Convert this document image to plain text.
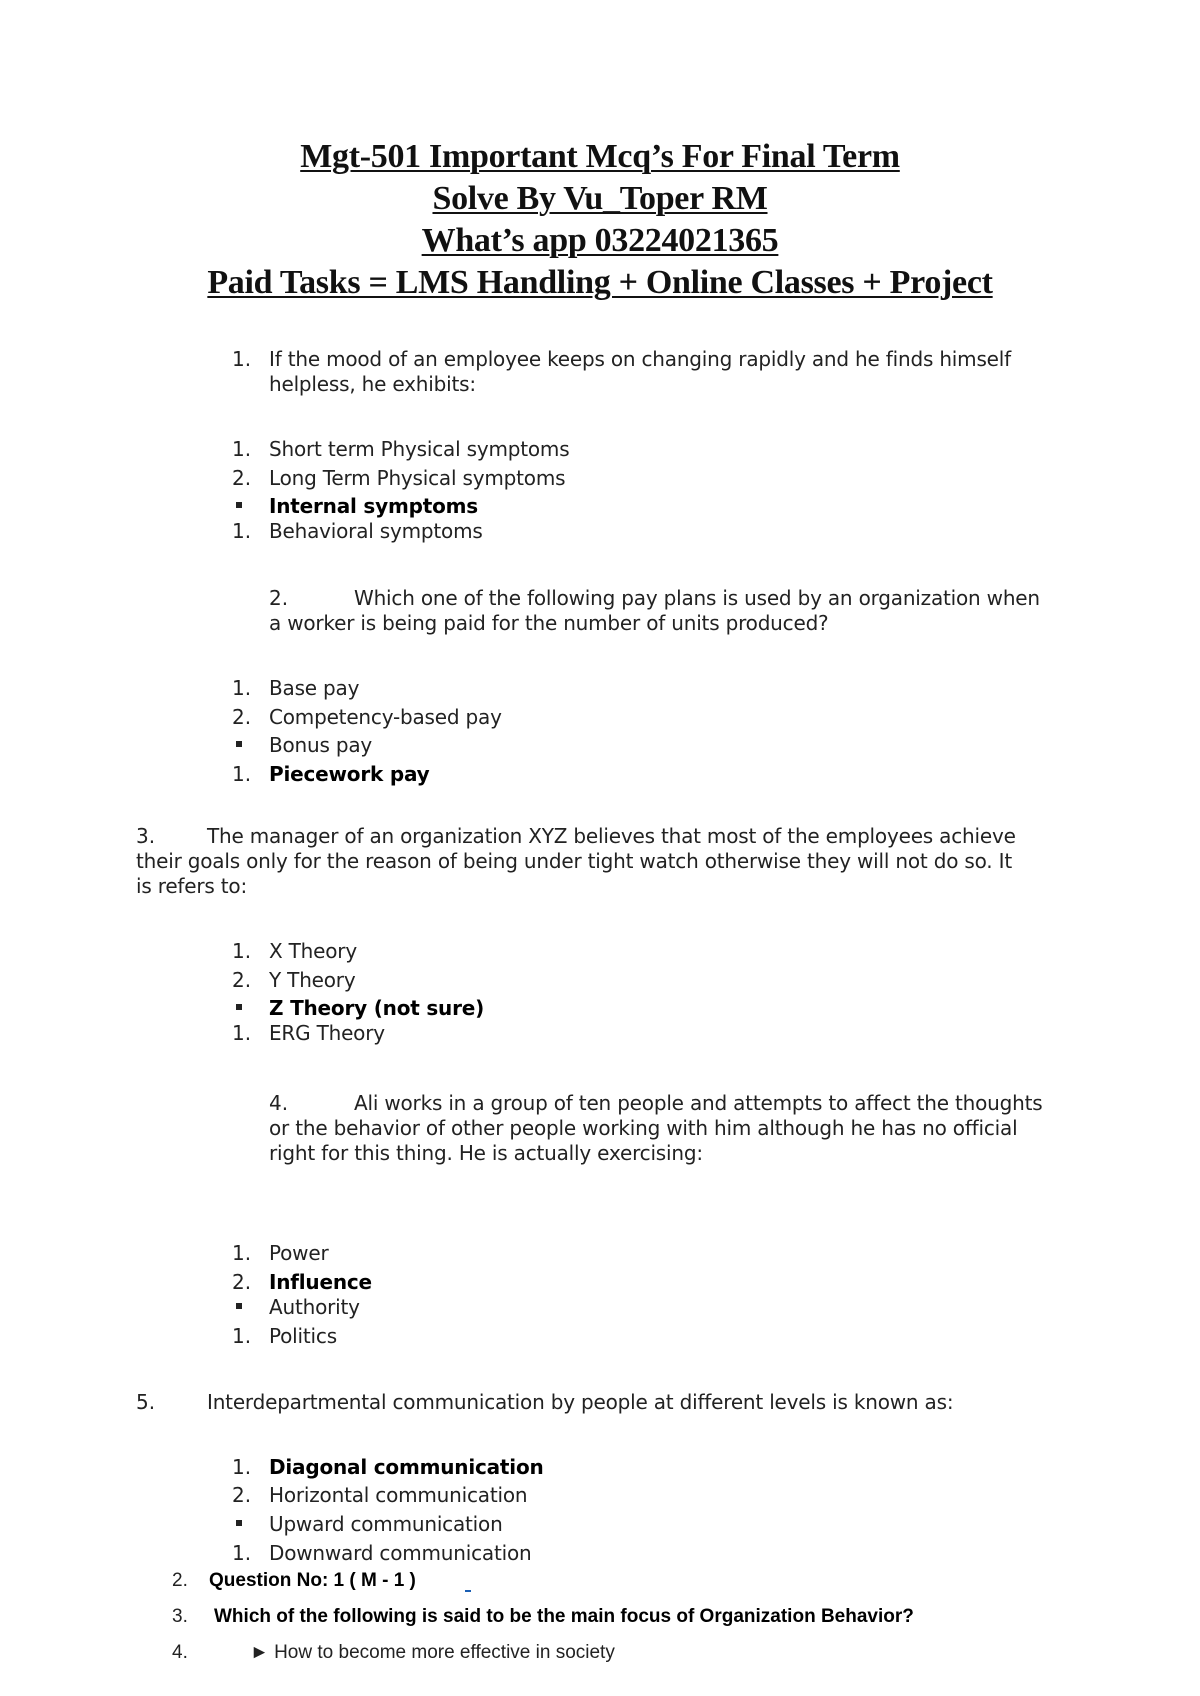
Mgt-501 Important Mcq’s For Final Term
Solve By Vu_Toper RM
What’s app 03224021365
Paid Tasks = LMS Handling + Online Classes + Project
1. If the mood of an employee keeps on changing rapidly and he finds himself
helpless, he exhibits:
1. Short term Physical symptoms
2. Long Term Physical symptoms
Internal symptoms
1. Behavioral symptoms
2.	Which one of the following pay plans is used by an organization when
a worker is being paid for the number of units produced?
1. Base pay
2. Competency-based pay
Bonus pay
1. Piecework pay
3.	The manager of an organization XYZ believes that most of the employees achieve
their goals only for the reason of being under tight watch otherwise they will not do so. It
is refers to:
1. X Theory
2. Y Theory
Z Theory (not sure)
1. ERG Theory
4.	Ali works in a group of ten people and attempts to affect the thoughts
or the behavior of other people working with him although he has no official
right for this thing. He is actually exercising:
1. Power
2. Influence
Authority
1. Politics
5.	Interdepartmental communication by people at different levels is known as:
1. Diagonal communication
2. Horizontal communication
Upward communication
1. Downward communication
2. Question No: 1 ( M - 1 )
3. Which of the following is said to be the main focus of Organization Behavior?
4.	► How to become more effective in society
